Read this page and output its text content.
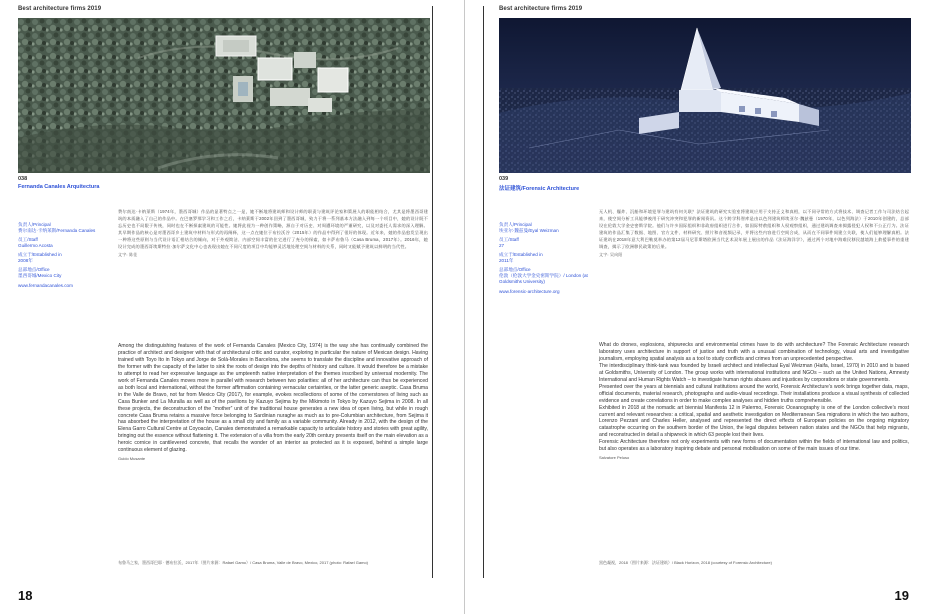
Best architecture firms 2019
038
Fernanda Canales Arquitectura
负责人/Principal
费尔南达·卡纳莱斯/Fernanda Canales
员工/Staff
Guillermo Acosta
成立于/Established in
2008年
总部地点/Office
墨西哥城/Mexico City
www.fernandacanales.com
费尔南达·卡纳莱斯（1974年，墨西哥城）作品的显著特点之一是，她不断地将建筑师和设计师的职责与建筑评论家和策展人的职能相结合，尤其是将墨西哥建筑的本质融入了自己的作品中。在巴塞罗那学习和工作之后，卡纳莱斯于2002年回到了墨西哥城，致力于将一系列基本方法融入到每一个项目中，她的设计既不忘历史也不局限于传统，同时也在不断探索建筑的可能性。她将此视为一种创作策略，源自于对历史、对周遭环境的严谨研究，以及对委托人需求的深入理解。其早期作品的核心是对墨西哥乡土建筑中材料与形式的再阐释，这一点在她位于布拉沃谷（2015年）的作品中得到了很好的体现。近年来，她的作品愈发呈现出一种将这些原则与当代设计语汇相结合的倾向，对于外观简洁、内部空间丰富的住宅进行了充分的探索，如卡萨布鲁马（Casa Bruma，2017年）。2016年，她设计完成的墨西哥埃斯特拉·加尔萨文化中心也表现出她在不同尺度的项目中均能够灵活地处理空间与材料的关系，同时又能赋予建筑以鲜明的当代性。
文字: 陈佳

Among the distinguishing features of the work of Fernanda Canales (Mexico City, 1974) is the way she has continually combined the practice of architect and designer with that of architectural critic and curator, exploring in particular the nature of Mexican design. Having trained with Toyo Ito in Tokyo and Jorge de Solà-Morales in Barcelona, she seems to translate the discipline and innovative approach of the former with the capacity of the latter to sink the roots of design into the depths of history and culture. It would therefore be a mistake to attempt to read her expressive language as the umpteenth native interpretation of the themes inscribed by universal modernity. The work of Fernanda Canales moves more in parallel with research between two polarities: all of her architecture can thus be experienced as both local and international, without the former affirmation containing vernacular certainties, or the latter generic aseptic. Casa Bruma in the Valle de Bravo, not far from Mexico City (2017), for example, evokes recollections of some of the cornerstones of living such as Casa Bunker and La Muralla as well as of the pavilions by Kazuyo Sejima by the Mikimoto in Tokyo by Kazuyo Sejima in 2008. In all these projects, the deconstruction of the “mother” unit of the traditional house generates a new idea of open living, but while in rough concrete Casa Bruma retains a massive force belonging to Sardinian nuraghe as much as to pre-Columbian architecture, from Sejima it has absorbed the interpretation of the house as a small city and family as a variable community. Already in 2012, with the design of the Elena Garro Cultural Centre at Coyoacán, Canales demonstrated a remarkable capacity to articulate history and stories with great agility, bringing out the essence without flattening it. The extension of a villa from the early 20th century presents itself on the main elevation as a heroic cornice in cantilevered concrete, that recalls the wonder of an interior as protected as it is exposed, behind a simple large continuous element of glazing.

Guido Musante
布鲁马之家，墨西哥巴耶 · 德布拉沃，2017年（图片来源：Rafael Gamo）/ Casa Bruma, Valle de Bravo, Mexico, 2017 (photo: Rafael Gamo)
18
Best architecture firms 2019
039
法证建筑/Forensic Architecture
负责人/Principal
埃亚尔·魏兹曼/Eyal Weizman
员工/Staff
27
成立于/Established in
2011年
总部地点/Office
伦敦（伦敦大学金史密斯学院）/ London (at Goldsmiths University)
www.forensic-architecture.org
无人机、爆炸、沉船和环境犯罪与建筑有何关联？法证建筑的研究实验室将建筑应用于支持正义和真相，以不同寻常的方式将技术、调查记者工作与司法结合起来，使空间分析工具能够被用于研究冲突和犯罪的新闻资讯。这个跨学科智库是由以色列建筑师埃亚尔·魏兹曼（1970年，以色列海法）于2010年创建的，总部设在伦敦大学金史密斯学院。他们与许多国际组织和非政府组织进行合作，如国际特赦组织和人权观察组织，通过建筑调查来揭露侵犯人权和不公正行为。法证建筑的作品汇集了数据、地图、官方文件、材料研究、照片和音视频记录，并将这些内容进行空间合成，从而在不同事件间建立关联，使人们能够理解真相。法证建筑在2018年意大利巴勒莫举办的第12届马尼菲斯塔欧洲当代艺术双年展上展出的作品《法证海洋学》，通过两个对地中海难民移民越境海上救援事件的重建调查，揭示了欧洲移民政策的后果。
文字: 吴向阳

What do drones, explosions, shipwrecks and environmental crimes have to do with architecture? The Forensic Architecture research laboratory uses architecture in support of justice and truth with a unusual combination of technology, visual arts and investigative journalism, employing spatial analysis as a tool to study conflicts and crimes from an unprecedented perspective.

The interdisciplinary think-tank was founded by Israeli architect and intellectual Eyal Weizman (Haifa, Israel, 1970) in 2010 and is based at Goldsmiths, University of London. The group works with international institutions and NGOs – such as the United Nations, Amnesty International and Human Rights Watch – to investigate human rights abuses and injustices by corporations or state governments.

Presented over the years at biennials and cultural institutions around the world, Forensic Architecture’s work brings together data, maps, official documents, material research, photographs and audio-visual recordings. Their installations produce a visual synthesis of collected evidence and create correlations in order to make complex analyses and hidden truths comprehensible.

Exhibited in 2018 at the nomadic art biennial Manifesta 12 in Palermo, Forensic Oceanography is one of the London collective’s most current and relevant researches: a critical, spatial and aesthetic investigation on Mediterranean Sea migrations in which the two authors, Lorenzo Pezzani and Charles Heller, analysed and represented the direct effects of European policies on the ongoing migratory catastrophe occurring on the southern border of the Union, the legal disputes between nation states and the NGOs that help migrants, and reconstructed in detail a shipwreck in which 63 people lost their lives.

Forensic Architecture therefore not only experiments with new forms of documentation within the fields of international law and politics, but also operates as a laboratory inspiring debate and personal mobilisation on some of the main issues of our time.

Salvatore Peluso
黑色凝视，2018（图片来源：法证建筑）/ Black Horizon, 2018 (courtesy of Forensic Architecture)
19
